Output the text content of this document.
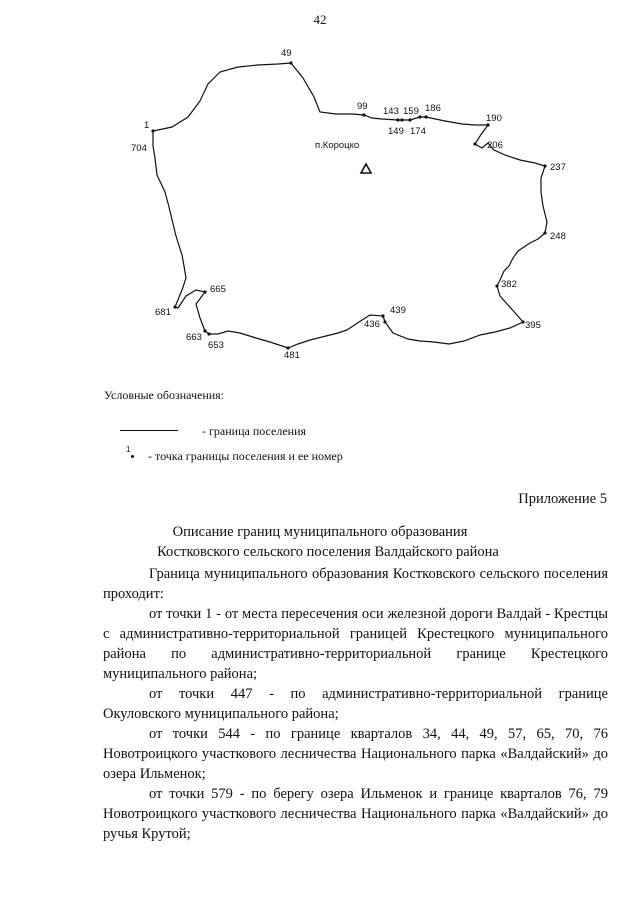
42
49
1
704
99 143 159 186
149 174
190
206
237
248
382
395
439
436
481
653
663
665
681
п.Короцко
Условные обозначения:
- граница поселения
1 - точка границы поселения и ее номер
Приложение 5
Описание границ муниципального образования
Костковского сельского поселения Валдайского района

Граница муниципального образования Костковского сельского поселения проходит:

от точки 1 - от места пересечения оси железной дороги Валдай - Крестцы с административно-территориальной границей Крестецкого муниципального района по административно-территориальной границе Крестецкого муниципального района;

от точки 447 - по административно-территориальной границе Окуловского муниципального района;

от точки 544 - по границе кварталов 34, 44, 49, 57, 65, 70, 76 Новотроицкого участкового лесничества Национального парка «Валдайский» до озера Ильменок;

от точки 579 - по берегу озера Ильменок и границе кварталов 76, 79 Новотроицкого участкового лесничества Национального парка «Валдайский» до ручья Крутой;
